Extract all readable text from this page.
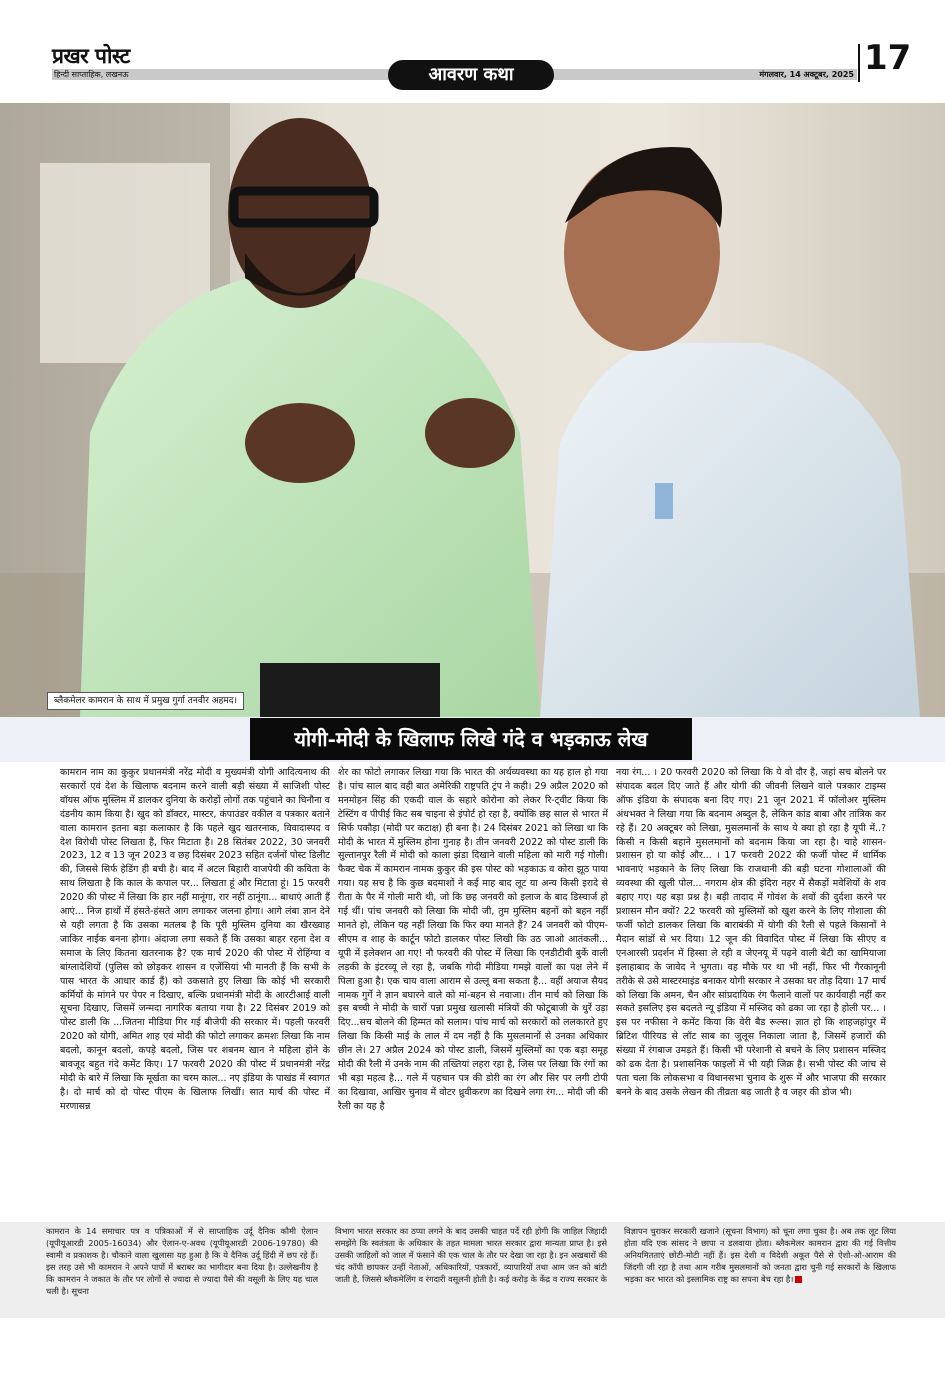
प्रखर पोस्ट
हिन्दी साप्ताहिक, लखनऊ	मंगलवार, 14 अक्टूबर, 2025
आवरण कथा	17
ब्लैकमेलर कामरान के साथ में प्रमुख गुर्गा तनवीर अहमद।
योगी-मोदी के खिलाफ लिखे गंदे व भड़काऊ लेख
कामरान नाम का कुकुर प्रधानमंत्री नरेंद्र मोदी व मुख्यमंत्री योगी आदित्यनाथ की सरकारों एवं देश के खिलाफ बदनाम करने वाली बड़ी संख्या में साजिशी पोस्ट वॉयस ऑफ मुस्लिम में डालकर दुनिया के करोड़ों लोगों तक पहुंचाने का घिनौना व दंडनीय काम किया है। खुद को डॉक्टर, मास्टर, कंपाउंडर वकील व पत्रकार बताने वाला कामरान इतना बड़ा कलाकार है कि पहले खुद खतरनाक, विवादास्पद व देश विरोधी पोस्ट लिखता है, फिर मिटाता है। 28 सितंबर 2022, 30 जनवरी 2023, 12 व 13 जून 2023 व छह दिसंबर 2023 सहित दर्जनों पोस्ट डिलीट की, जिससे सिर्फ हेडिंग ही बची है। बाद में अटल बिहारी वाजपेयी की कविता के साथ लिखता है कि काल के कपाल पर... लिखता हूं और मिटाता हूं। 15 फरवरी 2020 की पोस्ट में लिखा कि हार नहीं मानूंगा, रार नहीं ठानूंगा... बाधाएं आती हैं आएं... निज हाथों में हंसते-हंसते आग लगाकर जलना होगा। आगे लंबा ज्ञान देने से यही लगता है कि उसका मतलब है कि पूरी मुस्लिम दुनिया का खैरख्वाह जाकिर नाईक बनना होगा। अंदाजा लगा सकते हैं कि उसका बाहर रहना देश व समाज के लिए कितना खतरनाक है? एक मार्च 2020 की पोस्ट में रोहिंग्या व बांग्लादेशियों (पुलिस को छोड़कर शासन व एजेंसियां भी मानती हैं कि सभी के पास भारत के आधार कार्ड हैं) को उकसाते हुए लिखा कि कोई भी सरकारी कर्मियों के मांगने पर पेपर न दिखाए, बल्कि प्रधानमंत्री मोदी के आरटीआई वाली सूचना दिखाए, जिसमें जन्मदा नागरिक बताया गया है। 22 दिसंबर 2019 को पोस्ट डाली कि ...जितना मीडिया गिर गई बीजेपी की सरकार में। पहली फरवरी 2020 को योगी, अमित शाह एवं मोदी की फोटो लगाकर क्रमशः लिखा कि नाम बदलो, कानून बदलो, कपड़े बदलो, जिस पर शबनम खान ने महिला होने के बावजूद बहुत गंदे कमेंट किए। 17 फरवरी 2020 की पोस्ट में प्रधानमंत्री नरेंद्र मोदी के बारे में लिखा कि मूर्खता का चरम काल... नए इंडिया के पाखंड में स्वागत है। दो मार्च को दो पोस्ट पीएम के खिलाफ लिखीं। सात मार्च की पोस्ट में मरणासन्न
शेर का फोटो लगाकर लिखा गया कि भारत की अर्थव्यवस्था का यह हाल हो गया है। पांच साल बाद वही बात अमेरिकी राष्ट्रपति ट्रंप ने कही। 29 अप्रैल 2020 को मनमोहन सिंह की एकदी वाल के सहारे कोरोना को लेकर रि-ट्वीट किया कि टेस्टिंग व पीपीई किट सब चाइना से इंपोर्ट हो रहा है, क्योंकि छह साल से भारत में सिर्फ पकौड़ा (मोदी पर कटाक्ष) ही बना है। 24 दिसंबर 2021 को लिखा था कि मोदी के भारत में मुस्लिम होना गुनाह है। तीन जनवरी 2022 को पोस्ट डाली कि सुल्तानपुर रैली में मोदी को काला झंडा दिखाने वाली महिला को मारी गई गोली। फैक्ट चेक में कामरान नामक कुकुर की इस पोस्ट को भड़काऊ व कोरा झूठ पाया गया। यह सच है कि कुछ बदमाशों ने कई माह बाद लूट या अन्य किसी इरादे से रीता के पैर में गोली मारी थी, जो कि छह जनवरी को इलाज के बाद डिस्चार्ज हो गई थीं। पांच जनवरी को लिखा कि मोदी जी, तुम मुस्लिम बहनों को बहन नहीं मानते हो, लेकिन यह नहीं लिखा कि फिर क्या मानते हैं? 24 जनवरी को पीएम-सीएम व शाह के कार्टून फोटो डालकर पोस्ट लिखी कि उठ जाओ आतंकली... यूपी में इलेक्शन आ गए! नौ फरवरी की पोस्ट में लिखा कि एनडीटीवी बुर्के वाली लड़की के इंटरव्यू ले रहा है, जबकि गोदी मीडिया गमझे वालों का पक्ष लेने में पिला हुआ है। एक चाय वाला आराम से उल्लू बना सकता है... वहीं अयाज सैयद नामक गुर्गे ने ज्ञान बघारने वाले को मां-बहन से नवाजा। तीन मार्च को लिखा कि इस बच्ची ने मोदी के चारों पन्ना प्रमुख खलासी मंत्रियों की फोटूबाजी के धुर्रे उड़ा दिए...सच बोलने की हिम्मत को सलाम। पांच मार्च को सरकारों को ललकारते हुए लिखा कि किसी माई के लाल में दम नहीं है कि मुसलमानों से उनका अधिकार छीन ले। 27 अप्रैल 2024 को पोस्ट डाली, जिसमें मुस्लिमों का एक बड़ा समूह मोदी की रैली में उनके नाम की तख्तियां लहरा रहा है, जिस पर लिखा कि रंगों का भी बड़ा महत्व है... गले में पहचान पत्र की डोरी का रंग और सिर पर लगी टोपी का दिखावा, आखिर चुनाव में वोटर ध्रुवीकरण का दिखने लगा रंग... मोदी जी की रैली का यह है
नया रंग... । 20 फरवरी 2020 को लिखा कि ये वो दौर है, जहां सच बोलने पर संपादक बदल दिए जाते हैं और योगी की जीवनी लिखने वाले पत्रकार टाइम्स ऑफ इंडिया के संपादक बना दिए गए। 21 जून 2021 में फॉलोअर मुस्लिम अंधभक्त ने लिखा गया कि बदनाम अब्दुल है, लेकिन कांड बाबा और तांत्रिक कर रहे हैं। 20 अक्टूबर को लिखा, मुसलमानों के साथ ये क्या हो रहा है यूपी में..? किसी न किसी बहाने मुसलमानों को बदनाम किया जा रहा है। चाहे शासन-प्रशासन हो या कोई और... । 17 फरवरी 2022 की फर्जी पोस्ट में धार्मिक भावनाएं भड़काने के लिए लिखा कि राजधानी की बड़ी घटना गोशालाओं की व्यवस्था की खुली पोल... नगराम क्षेत्र की इंदिरा नहर में सैकड़ों मवेशियों के शव बहाए गए। यह बड़ा प्रश्न है। बड़ी तादाद में गोवंश के शवों की दुर्दशा करने पर प्रशासन मौन क्यों? 22 फरवरी को मुस्लिमों को खुश करने के लिए गोशाला की फर्जी फोटो डालकर लिखा कि बाराबंकी में योगी की रैली से पहले किसानों ने मैदान सांडों से भर दिया। 12 जून की विवादित पोस्ट में लिखा कि सीएए व एनआरसी प्रदर्शन में हिस्सा ले रही व जेएनयू में पढ़ने वाली बेटी का खामियाजा इलाहाबाद के जावेद ने भुगता। वह मौके पर था भी नहीं, फिर भी गैरकानूनी तरीके से उसे मास्टरमाइंड बनाकर योगी सरकार ने उसका घर तोड़ दिया। 17 मार्च को लिखा कि अमन, चैन और सांप्रदायिक रंग फैलाने वालों पर कार्यवाही नहीं कर सकते इसलिए इस बदलते न्यू इंडिया में मस्जिद को ढका जा रहा है होली पर... । इस पर नफीसा ने कमेंट किया कि वेरी बैड रूल्स। ज्ञात हो कि शाहजहांपुर में ब्रिटिश पीरियड से लॉट साब का जुलूस निकाला जाता है, जिसमें हजारों की संख्या में रंगबाज उमड़ते हैं। किसी भी परेशानी से बचने के लिए प्रशासन मस्जिद को ढक देता है। प्रशासनिक फाइलों में भी यही जिक्र है। सभी पोस्ट की जांच से पता चला कि लोकसभा व विधानसभा चुनाव के शुरू में और भाजपा की सरकार बनने के बाद उसके लेखन की तीव्रता बढ़ जाती है व जहर की डोज भी।
कामरान के 14 समाचार पत्र व पत्रिकाओं में से साप्ताहिक उर्दू दैनिक कौमी ऐलान (यूपीयूआरडी 2005-16034) और ऐलान-ए-अवध (यूपीयूआरडी 2006-19780) की स्वामी व प्रकाशक है। चौकाने वाला खुलासा यह हुआ है कि ये दैनिक उर्दू हिंदी में छप रहे हैं। इस तरह उसे भी कामरान ने अपने पापों में बराबर का भागीदार बना दिया है। उल्लेखनीय है कि कामरान ने जकात के तौर पर लोगों से ज्यादा से ज्यादा पैसे की वसूली के लिए यह चाल चली है। सूचना
विभाग भारत सरकार का ठप्पा लगने के बाद उसकी चाहत पर्दे रही होगी कि जाहिल जिहादी समझेंगे कि स्वतंत्रता के अधिकार के तहत मामला भारत सरकार द्वारा मान्यता प्राप्त है। इसे उसकी जाहिलों को जाल में फंसाने की एक चाल के तौर पर देखा जा रहा है। इन अखबारों की चंद कॉपी छापकर उन्हीं नेताओं, अधिकारियों, पत्रकारों, व्यापारियों तथा आम जन को बांटी जाती है, जिससे ब्लैकमेलिंग व रंगदारी वसूलनी होती है। कई करोड़ के केंद्र व राज्य सरकार के
विज्ञापन चुराकर सरकारी खजाने (सूचना विभाग) को चूना लगा चुका है। अब तक लूट लिया होता यदि एक सांसद ने छापा न डलवाया होता। ब्लैकमेलर कामरान द्वारा की गई वित्तीय अनियमितताएं छोटी-मोटी नहीं हैं। इस देशी व विदेशी अकूत पैसे से ऐशो-ओ-आराम की जिंदगी जी रहा है तथा आम गरीब मुसलमानों को जनता द्वारा चुनी गई सरकारों के खिलाफ भड़का कर भारत को इस्लामिक राष्ट्र का सपना बेच रहा है।
